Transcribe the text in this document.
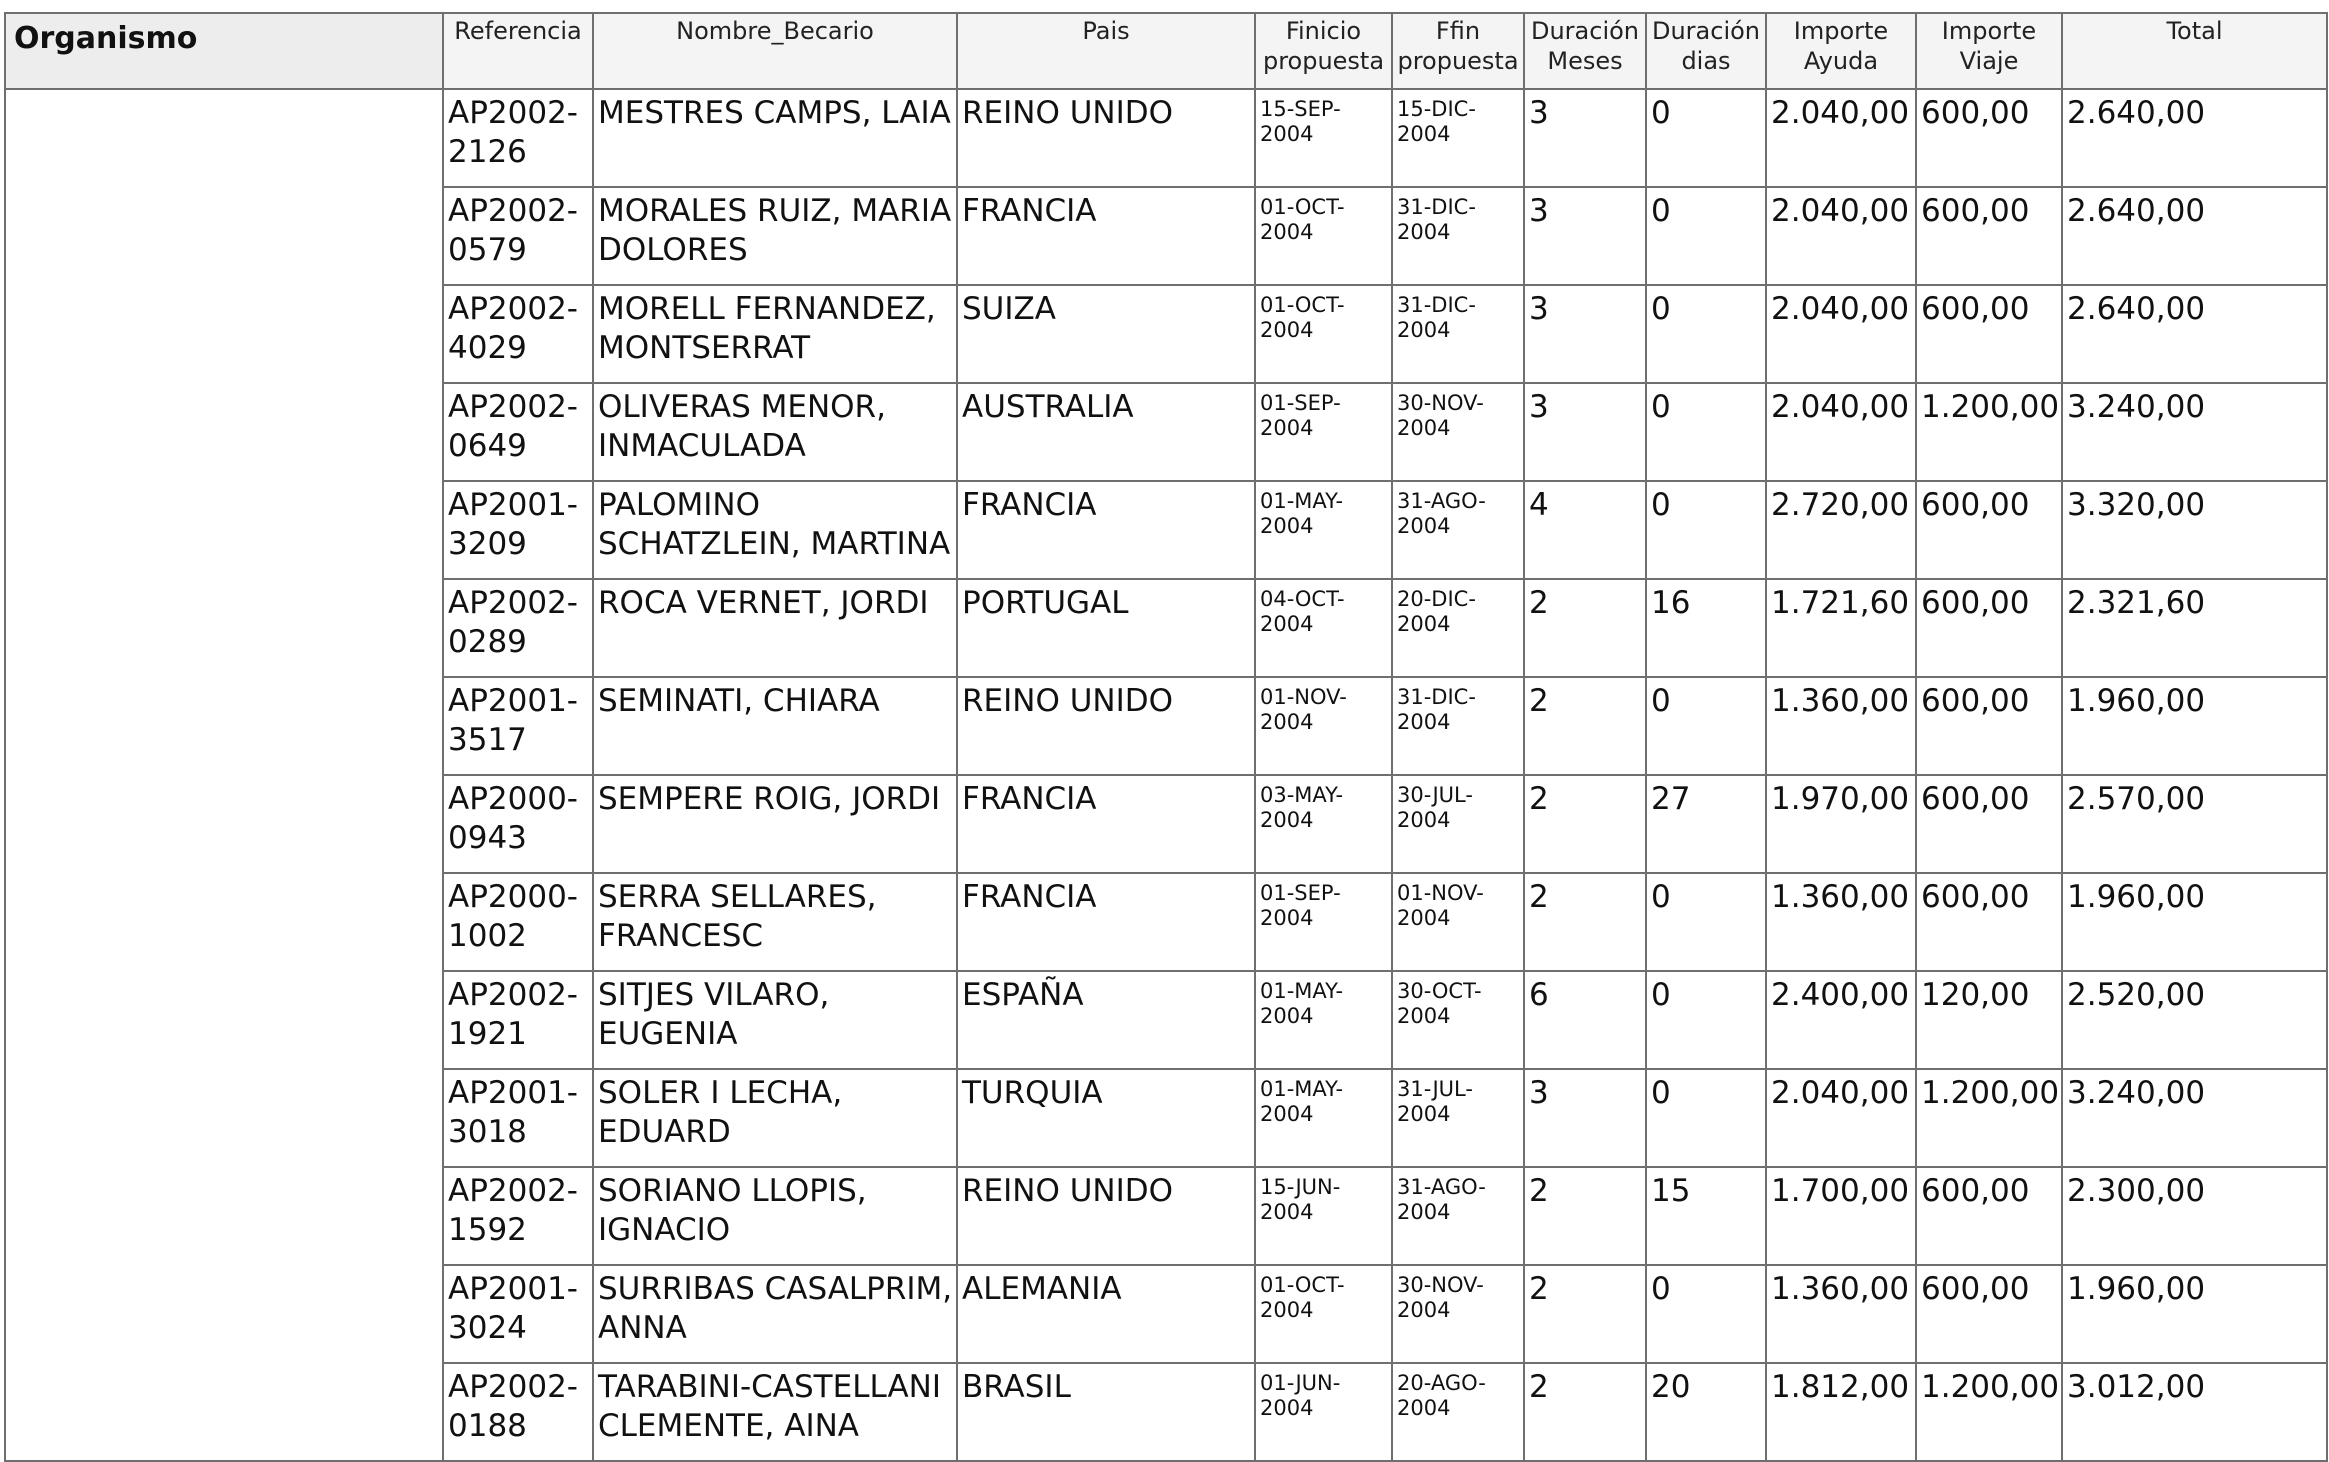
Organismo	Referencia	Nombre_Becario	Pais	Finicio propuesta	Ffin propuesta	Duración Meses	Duración dias	Importe Ayuda	Importe Viaje	Total
	AP2002-2126	MESTRES CAMPS, LAIA	REINO UNIDO	15-SEP-2004	15-DIC-2004	3	0	2.040,00	600,00	2.640,00
	AP2002-0579	MORALES RUIZ, MARIA DOLORES	FRANCIA	01-OCT-2004	31-DIC-2004	3	0	2.040,00	600,00	2.640,00
	AP2002-4029	MORELL FERNANDEZ, MONTSERRAT	SUIZA	01-OCT-2004	31-DIC-2004	3	0	2.040,00	600,00	2.640,00
	AP2002-0649	OLIVERAS MENOR, INMACULADA	AUSTRALIA	01-SEP-2004	30-NOV-2004	3	0	2.040,00	1.200,00	3.240,00
	AP2001-3209	PALOMINO SCHATZLEIN, MARTINA	FRANCIA	01-MAY-2004	31-AGO-2004	4	0	2.720,00	600,00	3.320,00
	AP2002-0289	ROCA VERNET, JORDI	PORTUGAL	04-OCT-2004	20-DIC-2004	2	16	1.721,60	600,00	2.321,60
	AP2001-3517	SEMINATI, CHIARA	REINO UNIDO	01-NOV-2004	31-DIC-2004	2	0	1.360,00	600,00	1.960,00
	AP2000-0943	SEMPERE ROIG, JORDI	FRANCIA	03-MAY-2004	30-JUL-2004	2	27	1.970,00	600,00	2.570,00
	AP2000-1002	SERRA SELLARES, FRANCESC	FRANCIA	01-SEP-2004	01-NOV-2004	2	0	1.360,00	600,00	1.960,00
	AP2002-1921	SITJES VILARO, EUGENIA	ESPAÑA	01-MAY-2004	30-OCT-2004	6	0	2.400,00	120,00	2.520,00
	AP2001-3018	SOLER I LECHA, EDUARD	TURQUIA	01-MAY-2004	31-JUL-2004	3	0	2.040,00	1.200,00	3.240,00
	AP2002-1592	SORIANO LLOPIS, IGNACIO	REINO UNIDO	15-JUN-2004	31-AGO-2004	2	15	1.700,00	600,00	2.300,00
	AP2001-3024	SURRIBAS CASALPRIM, ANNA	ALEMANIA	01-OCT-2004	30-NOV-2004	2	0	1.360,00	600,00	1.960,00
	AP2002-0188	TARABINI-CASTELLANI CLEMENTE, AINA	BRASIL	01-JUN-2004	20-AGO-2004	2	20	1.812,00	1.200,00	3.012,00
